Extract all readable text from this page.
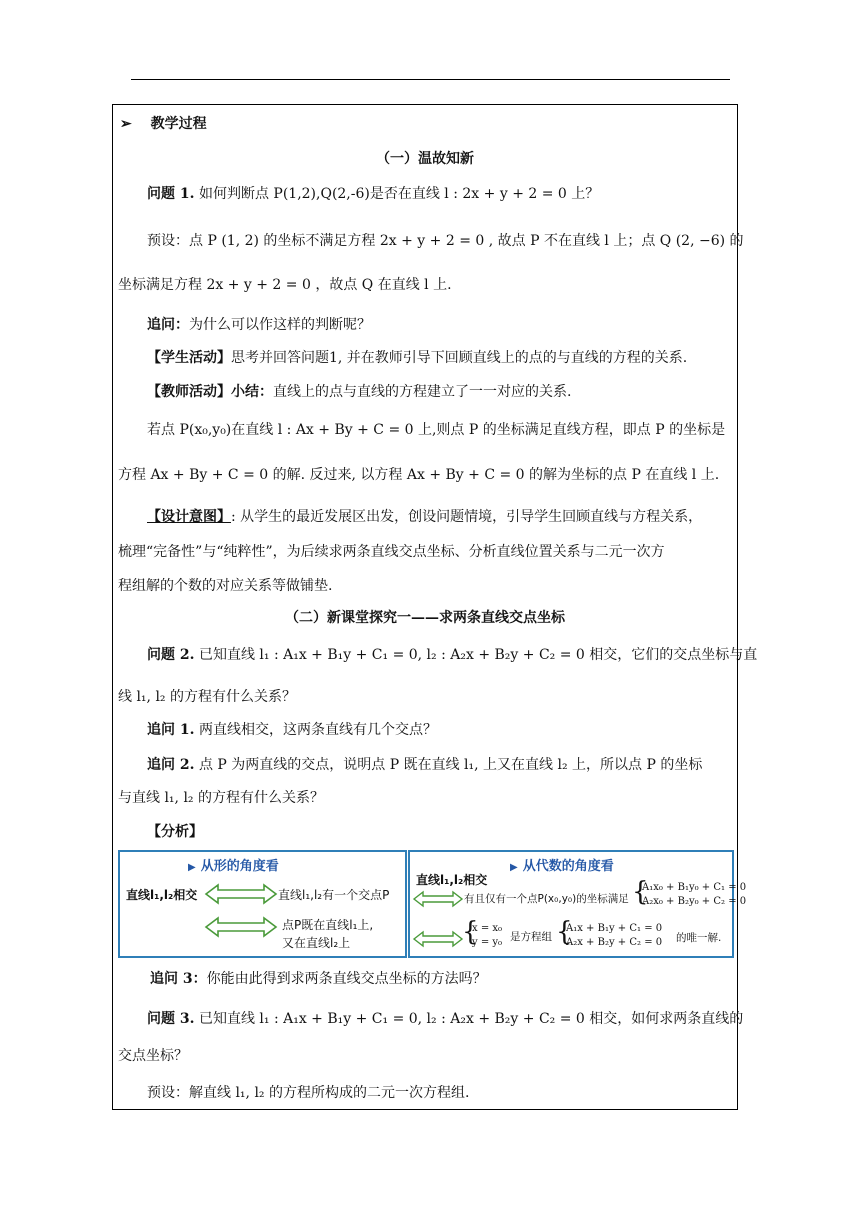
➢ 教学过程
（一）温故知新
问题 1. 如何判断点 P(1,2),Q(2,-6)是否在直线 l : 2x + y + 2 = 0 上？
预设：点 P (1, 2) 的坐标不满足方程 2x + y + 2 = 0 , 故点 P 不在直线 l 上；点 Q (2, −6) 的
坐标满足方程 2x + y + 2 = 0 ，故点 Q 在直线 l 上.
追问：为什么可以作这样的判断呢？
【学生活动】思考并回答问题1, 并在教师引导下回顾直线上的点的与直线的方程的关系.
【教师活动】小结：直线上的点与直线的方程建立了一一对应的关系.
若点 P(x₀,y₀)在直线 l : Ax + By + C = 0 上,则点 P 的坐标满足直线方程，即点 P 的坐标是
方程 Ax + By + C = 0 的解. 反过来, 以方程 Ax + By + C = 0 的解为坐标的点 P 在直线 l 上.
【设计意图】: 从学生的最近发展区出发，创设问题情境，引导学生回顾直线与方程关系，
梳理“完备性”与“纯粹性”，为后续求两条直线交点坐标、分析直线位置关系与二元一次方
程组解的个数的对应关系等做铺垫.
（二）新课堂探究一——求两条直线交点坐标
问题 2. 已知直线 l₁ : A₁x + B₁y + C₁ = 0, l₂ : A₂x + B₂y + C₂ = 0 相交，它们的交点坐标与直
线 l₁, l₂ 的方程有什么关系？
追问 1. 两直线相交，这两条直线有几个交点？
追问 2. 点 P 为两直线的交点，说明点 P 既在直线 l₁, 上又在直线 l₂ 上，所以点 P 的坐标
与直线 l₁, l₂ 的方程有什么关系？
【分析】
▶ 从形的角度看
直线l₁,l₂相交	直线l₁,l₂有一个交点P
点P既在直线l₁上,
又在直线l₂上
▶ 从代数的角度看
直线l₁,l₂相交
有且仅有一个点P(x₀,y₀)的坐标满足 {
A₁x₀ + B₁y₀ + C₁ = 0
A₂x₀ + B₂y₀ + C₂ = 0
{
x = x₀
y = y₀ 是方程组 {
A₁x + B₁y + C₁ = 0
A₂x + B₂y + C₂ = 0 的唯一解.
追问 3：你能由此得到求两条直线交点坐标的方法吗？
问题 3. 已知直线 l₁ : A₁x + B₁y + C₁ = 0, l₂ : A₂x + B₂y + C₂ = 0 相交，如何求两条直线的
交点坐标？
预设：解直线 l₁, l₂ 的方程所构成的二元一次方程组.
